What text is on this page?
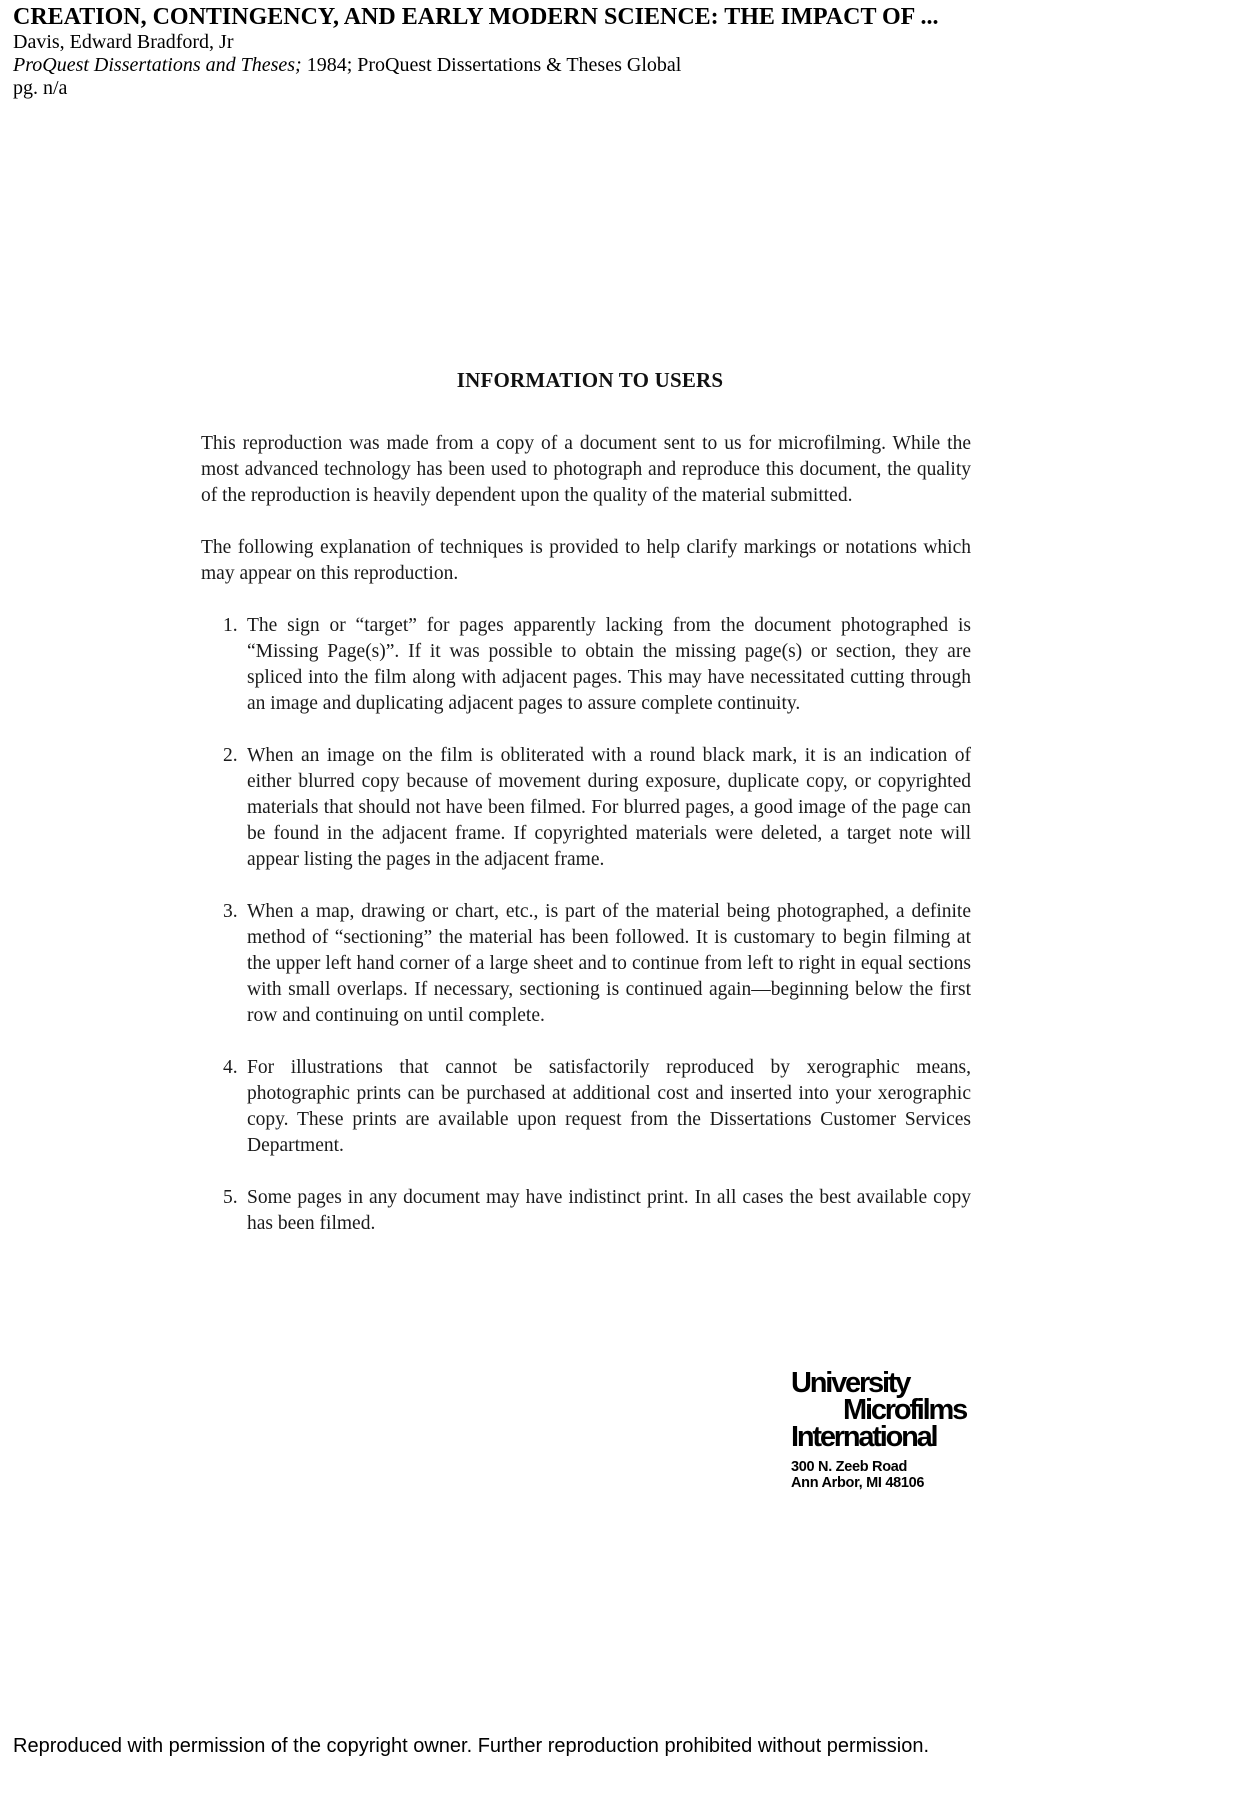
CREATION, CONTINGENCY, AND EARLY MODERN SCIENCE: THE IMPACT OF ...
Davis, Edward Bradford, Jr
ProQuest Dissertations and Theses; 1984; ProQuest Dissertations & Theses Global
pg. n/a
INFORMATION TO USERS

This reproduction was made from a copy of a document sent to us for microfilming. While the most advanced technology has been used to photograph and reproduce this document, the quality of the reproduction is heavily dependent upon the quality of the material submitted.

The following explanation of techniques is provided to help clarify markings or notations which may appear on this reproduction.

1. The sign or “target” for pages apparently lacking from the document photographed is “Missing Page(s)”. If it was possible to obtain the missing page(s) or section, they are spliced into the film along with adjacent pages. This may have necessitated cutting through an image and duplicating adjacent pages to assure complete continuity.
2. When an image on the film is obliterated with a round black mark, it is an indication of either blurred copy because of movement during exposure, duplicate copy, or copyrighted materials that should not have been filmed. For blurred pages, a good image of the page can be found in the adjacent frame. If copyrighted materials were deleted, a target note will appear listing the pages in the adjacent frame.
3. When a map, drawing or chart, etc., is part of the material being photographed, a definite method of “sectioning” the material has been followed. It is customary to begin filming at the upper left hand corner of a large sheet and to continue from left to right in equal sections with small overlaps. If necessary, sectioning is continued again—beginning below the first row and continuing on until complete.
4. For illustrations that cannot be satisfactorily reproduced by xerographic means, photographic prints can be purchased at additional cost and inserted into your xerographic copy. These prints are available upon request from the Dissertations Customer Services Department.
5. Some pages in any document may have indistinct print. In all cases the best available copy has been filmed.
University
Microfilms
International
300 N. Zeeb Road
Ann Arbor, MI 48106
Reproduced with permission of the copyright owner. Further reproduction prohibited without permission.
